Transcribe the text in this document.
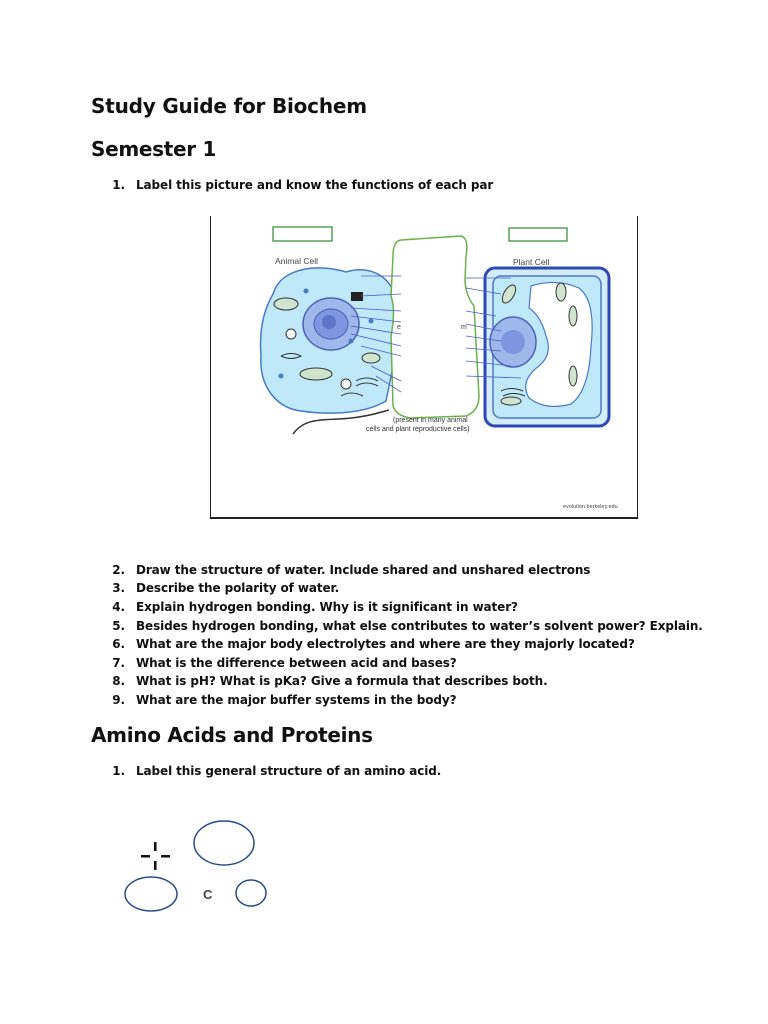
Study Guide for Biochem
Semester 1
1. Label this picture and know the functions of each par
Animal Cell	Plant Cell
e	m
(present in many animal
cells and plant reproductive cells)
evolution.berkeley.edu
2. Draw the structure of water. Include shared and unshared electrons
3. Describe the polarity of water.
4. Explain hydrogen bonding. Why is it significant in water?
5. Besides hydrogen bonding, what else contributes to water’s solvent power? Explain.
6. What are the major body electrolytes and where are they majorly located?
7. What is the difference between acid and bases?
8. What is pH? What is pKa? Give a formula that describes both.
9. What are the major buffer systems in the body?
Amino Acids and Proteins
1. Label this general structure of an amino acid.
C
